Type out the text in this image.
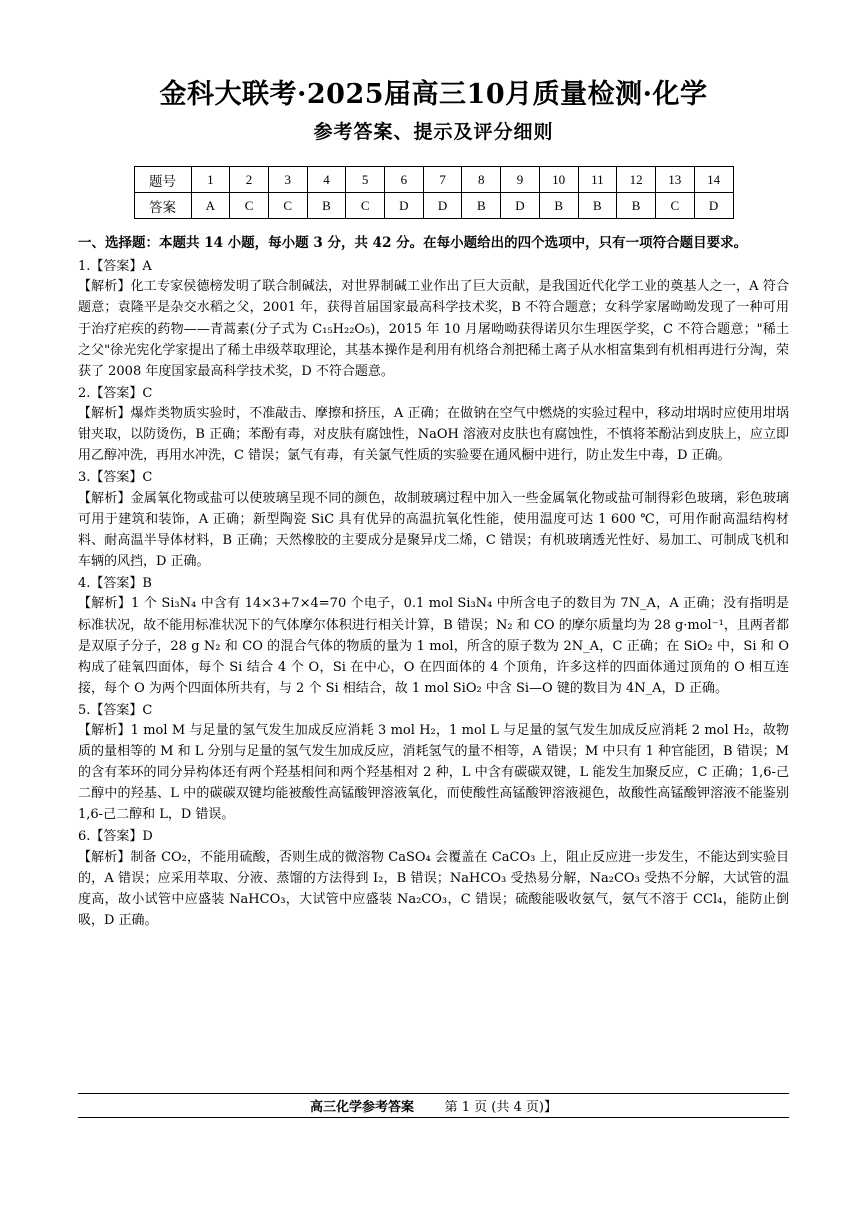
金科大联考·2025届高三10月质量检测·化学
参考答案、提示及评分细则
题号	1	2	3	4	5	6	7	8	9	10	11	12	13	14
答案	A	C	C	B	C	D	D	B	D	B	B	B	C	D
一、选择题：本题共 14 小题，每小题 3 分，共 42 分。在每小题给出的四个选项中，只有一项符合题目要求。
1.【答案】A
【解析】化工专家侯德榜发明了联合制碱法，对世界制碱工业作出了巨大贡献，是我国近代化学工业的奠基人之一，A 符合题意；袁隆平是杂交水稻之父，2001 年，获得首届国家最高科学技术奖，B 不符合题意；女科学家屠呦呦发现了一种可用于治疗疟疾的药物——青蒿素(分子式为 C₁₅H₂₂O₅)，2015 年 10 月屠呦呦获得诺贝尔生理医学奖，C 不符合题意；"稀土之父"徐光宪化学家提出了稀土串级萃取理论，其基本操作是利用有机络合剂把稀土离子从水相富集到有机相再进行分淘，荣获了 2008 年度国家最高科学技术奖，D 不符合题意。
2.【答案】C
【解析】爆炸类物质实验时，不准敲击、摩擦和挤压，A 正确；在做钠在空气中燃烧的实验过程中，移动坩埚时应使用坩埚钳夹取，以防烫伤，B 正确；苯酚有毒，对皮肤有腐蚀性，NaOH 溶液对皮肤也有腐蚀性，不慎将苯酚沾到皮肤上，应立即用乙醇冲洗，再用水冲洗，C 错误；氯气有毒，有关氯气性质的实验要在通风橱中进行，防止发生中毒，D 正确。
3.【答案】C
【解析】金属氧化物或盐可以使玻璃呈现不同的颜色，故制玻璃过程中加入一些金属氧化物或盐可制得彩色玻璃，彩色玻璃可用于建筑和装饰，A 正确；新型陶瓷 SiC 具有优异的高温抗氧化性能，使用温度可达 1 600 ℃，可用作耐高温结构材料、耐高温半导体材料，B 正确；天然橡胶的主要成分是聚异戊二烯，C 错误；有机玻璃透光性好、易加工、可制成飞机和车辆的风挡，D 正确。
4.【答案】B
【解析】1 个 Si₃N₄ 中含有 14×3+7×4=70 个电子，0.1 mol Si₃N₄ 中所含电子的数目为 7N_A，A 正确；没有指明是标准状况，故不能用标准状况下的气体摩尔体积进行相关计算，B 错误；N₂ 和 CO 的摩尔质量均为 28 g·mol⁻¹，且两者都是双原子分子，28 g N₂ 和 CO 的混合气体的物质的量为 1 mol，所含的原子数为 2N_A，C 正确；在 SiO₂ 中，Si 和 O 构成了硅氧四面体，每个 Si 结合 4 个 O，Si 在中心，O 在四面体的 4 个顶角，许多这样的四面体通过顶角的 O 相互连接，每个 O 为两个四面体所共有，与 2 个 Si 相结合，故 1 mol SiO₂ 中含 Si—O 键的数目为 4N_A，D 正确。
5.【答案】C
【解析】1 mol M 与足量的氢气发生加成反应消耗 3 mol H₂，1 mol L 与足量的氢气发生加成反应消耗 2 mol H₂，故物质的量相等的 M 和 L 分别与足量的氢气发生加成反应，消耗氢气的量不相等，A 错误；M 中只有 1 种官能团，B 错误；M 的含有苯环的同分异构体还有两个羟基相间和两个羟基相对 2 种，L 中含有碳碳双键，L 能发生加聚反应，C 正确；1,6-己二醇中的羟基、L 中的碳碳双键均能被酸性高锰酸钾溶液氧化，而使酸性高锰酸钾溶液褪色，故酸性高锰酸钾溶液不能鉴别 1,6-己二醇和 L，D 错误。
6.【答案】D
【解析】制备 CO₂，不能用硫酸，否则生成的微溶物 CaSO₄ 会覆盖在 CaCO₃ 上，阻止反应进一步发生，不能达到实验目的，A 错误；应采用萃取、分液、蒸馏的方法得到 I₂，B 错误；NaHCO₃ 受热易分解，Na₂CO₃ 受热不分解，大试管的温度高，故小试管中应盛装 NaHCO₃，大试管中应盛装 Na₂CO₃，C 错误；硫酸能吸收氨气，氨气不溶于 CCl₄，能防止倒吸，D 正确。
高三化学参考答案 第 1 页 (共 4 页)】
